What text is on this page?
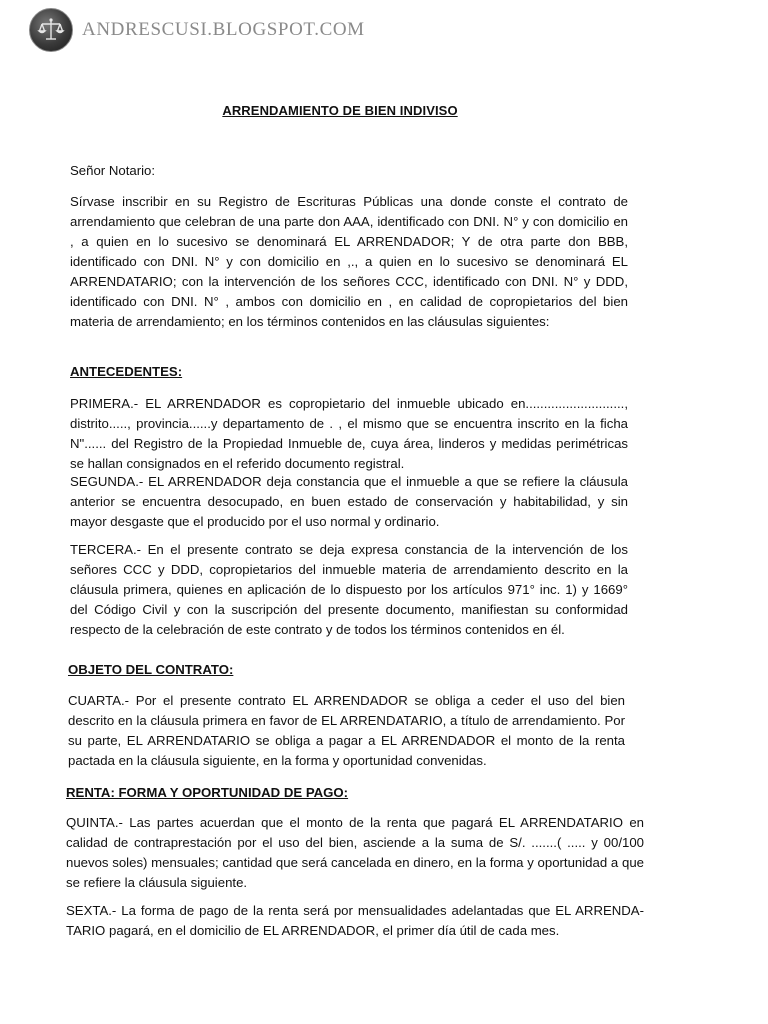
ANDRESCUSI.BLOGSPOT.COM
ARRENDAMIENTO DE BIEN INDIVISO

Señor Notario:

Sírvase inscribir en su Registro de Escrituras Públicas una donde conste el contrato de arrendamiento que celebran de una parte don AAA, identificado con DNI. N° y con domicilio en , a quien en lo sucesivo se denominará EL ARRENDADOR; Y de otra parte don BBB, identificado con DNI. N° y con domicilio en ,., a quien en lo sucesivo se denominará EL ARRENDATARIO; con la intervención de los señores CCC, identificado con DNI. N° y DDD, identificado con DNI. N° , ambos con domicilio en , en calidad de copropietarios del bien materia de arrendamiento; en los términos contenidos en las cláusulas siguientes:

ANTECEDENTES:

PRIMERA.- EL ARRENDADOR es copropietario del inmueble ubicado en..........................., distrito....., provincia......y departamento de . , el mismo que se encuentra inscrito en la ficha N"...... del Registro de la Propiedad Inmueble de, cuya área, linderos y medidas perimétricas se hallan consignados en el referido documento registral.

SEGUNDA.- EL ARRENDADOR deja constancia que el inmueble a que se refiere la cláusula anterior se encuentra desocupado, en buen estado de conservación y habitabilidad, y sin mayor desgaste que el producido por el uso normal y ordinario.

TERCERA.- En el presente contrato se deja expresa constancia de la intervención de los señores CCC y DDD, copropietarios del inmueble materia de arrendamiento descrito en la cláusula primera, quienes en aplicación de lo dispuesto por los artículos 971° inc. 1) y 1669° del Código Civil y con la suscripción del presente documento, manifiestan su conformidad respecto de la celebración de este contrato y de todos los términos contenidos en él.

OBJETO DEL CONTRATO:

CUARTA.- Por el presente contrato EL ARRENDADOR se obliga a ceder el uso del bien descrito en la cláusula primera en favor de EL ARRENDATARIO, a título de arrendamiento. Por su parte, EL ARRENDATARIO se obliga a pagar a EL ARRENDADOR el monto de la renta pactada en la cláusula siguiente, en la forma y oportunidad convenidas.

RENTA: FORMA Y OPORTUNIDAD DE PAGO:

QUINTA.- Las partes acuerdan que el monto de la renta que pagará EL ARRENDATARIO en calidad de contraprestación por el uso del bien, asciende a la suma de S/. .......( ..... y 00/100 nuevos soles) mensuales; cantidad que será cancelada en dinero, en la forma y oportunidad a que se refiere la cláusula siguiente.

SEXTA.- La forma de pago de la renta será por mensualidades adelantadas que EL ARRENDA-TARIO pagará, en el domicilio de EL ARRENDADOR, el primer día útil de cada mes.
